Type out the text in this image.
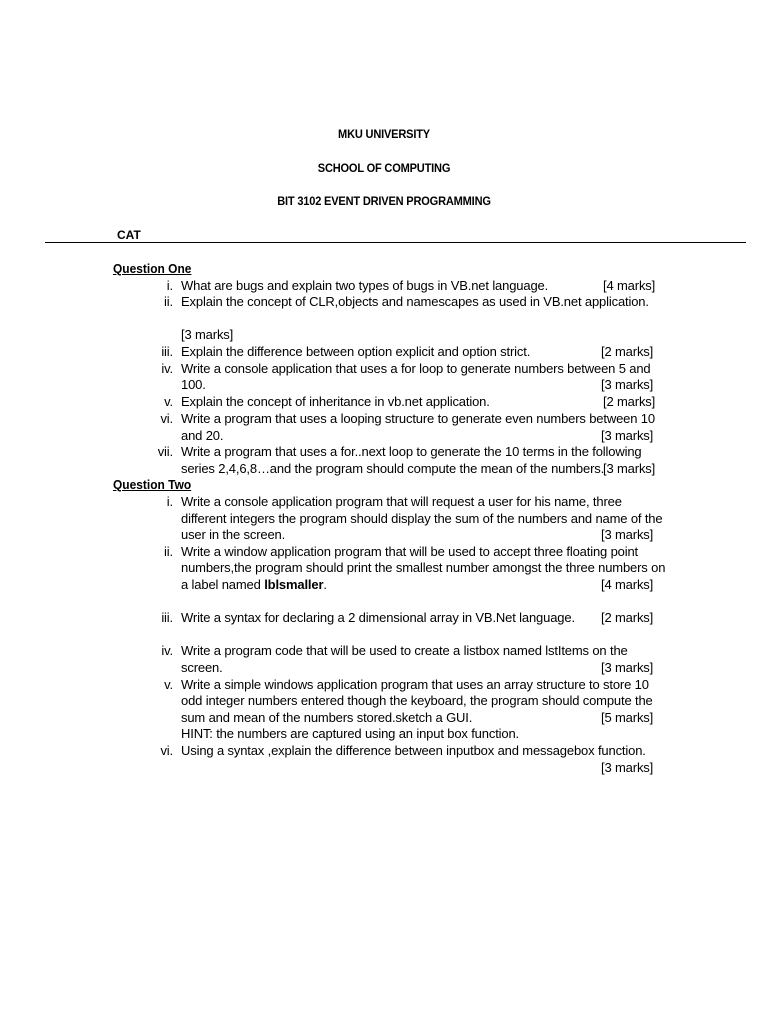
MKU UNIVERSITY
SCHOOL OF COMPUTING
BIT 3102 EVENT DRIVEN PROGRAMMING
CAT
Question One
i. What are bugs and explain two types of bugs in VB.net language.	[4 marks]
ii. Explain the concept of CLR,objects and namescapes as used in VB.net application.
[3 marks]
iii. Explain the difference between option explicit and option strict.	[2 marks]
iv. Write a console application that uses a for loop to generate numbers between 5 and
100.	[3 marks]
v. Explain the concept of inheritance in vb.net application.	[2 marks]
vi. Write a program that uses a looping structure to generate even numbers between 10
and 20.	[3 marks]
vii. Write a program that uses a for..next loop to generate the 10 terms in the following
series 2,4,6,8…and the program should compute the mean of the numbers.
[3 marks]
Question Two
i. Write a console application program that will request a user for his name, three
different integers the program should display the sum of the numbers and name of the
user in the screen.	[3 marks]
ii. Write a window application program that will be used to accept three floating point
numbers,the program should print the smallest number amongst the three numbers on
a label named lblsmaller.	[4 marks]
iii. Write a syntax for declaring a 2 dimensional array in VB.Net language. [2 marks]
iv. Write a program code that will be used to create a listbox named lstItems on the
screen.	[3 marks]
v. Write a simple windows application program that uses an array structure to store 10
odd integer numbers entered though the keyboard, the program should compute the
sum and mean of the numbers stored.sketch a GUI.	[5 marks]
HINT: the numbers are captured using an input box function.
vi. Using a syntax ,explain the difference between inputbox and messagebox function.
[3 marks]
